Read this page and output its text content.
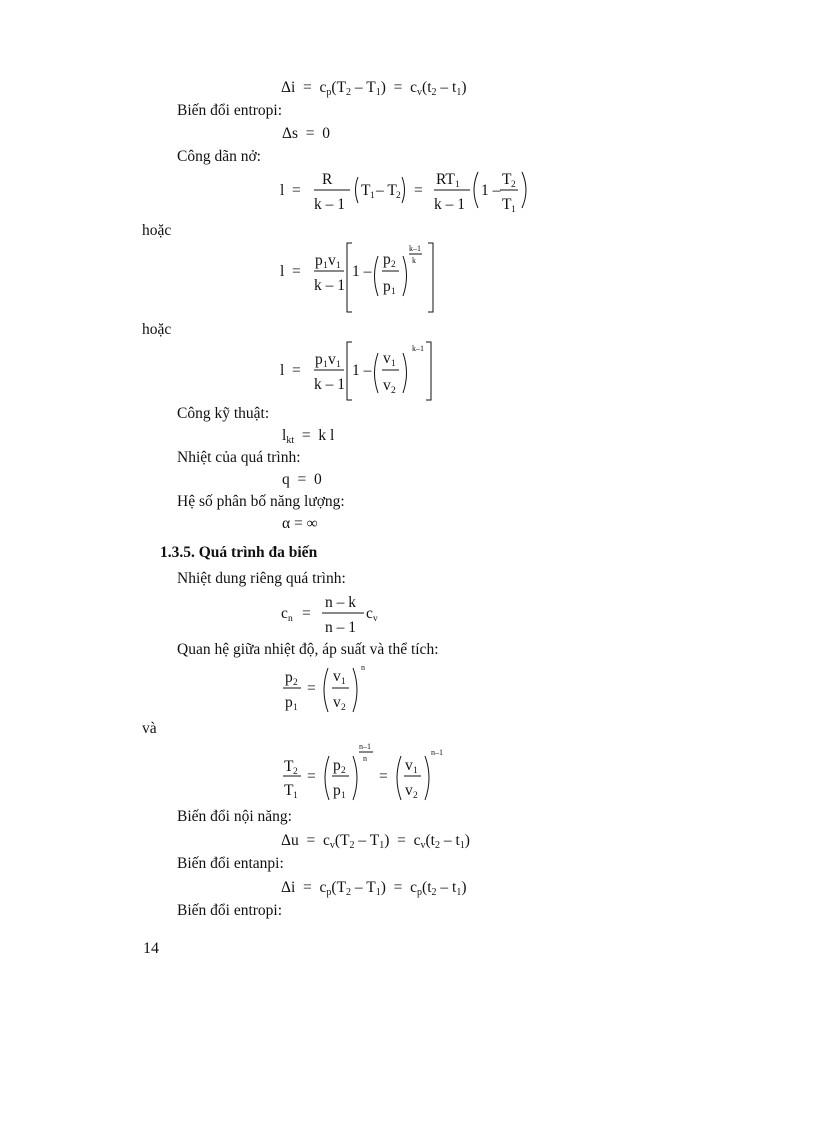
$\Delta i = c_p(T_2 - T_1) = c_v(t_2 - t_1)$
Biến đổi entropi:
Δs  =  0
Công dãn nở:
l =
R
k – 1
T 1 – T 2 =
RT 1
k – 1
1 –
T 2
T 1
hoặc
l =
p 1 v 1
k – 1
1 –
p 2
p 1
k–1
k
hoặc
l =
p 1 v 1
k – 1
1 –
v 1
v 2
k–1
Công kỹ thuật:
$l_{kt} = k$ l
Nhiệt của quá trình:
q  =  0
Hệ số phân bố năng lượng:
α = ∞
1.3.5. Quá trình đa biến
Nhiệt dung riêng quá trình:
c n =
n – k
n – 1
c v
Quan hệ giữa nhiệt độ, áp suất và thể tích:
p 2
p 1
=
v 1
v 2
n
và
T 2
T 1
=
p 2
p 1
n–1
n
=
v 1
v 2
n–1
Biến đổi nội năng:
$\Delta u = c_v(T_2 - T_1) = c_v(t_2 - t_1)$
Biến đổi entanpi:
$\Delta i = c_p(T_2 - T_1) = c_p(t_2 - t_1)$
Biến đổi entropi:
14
